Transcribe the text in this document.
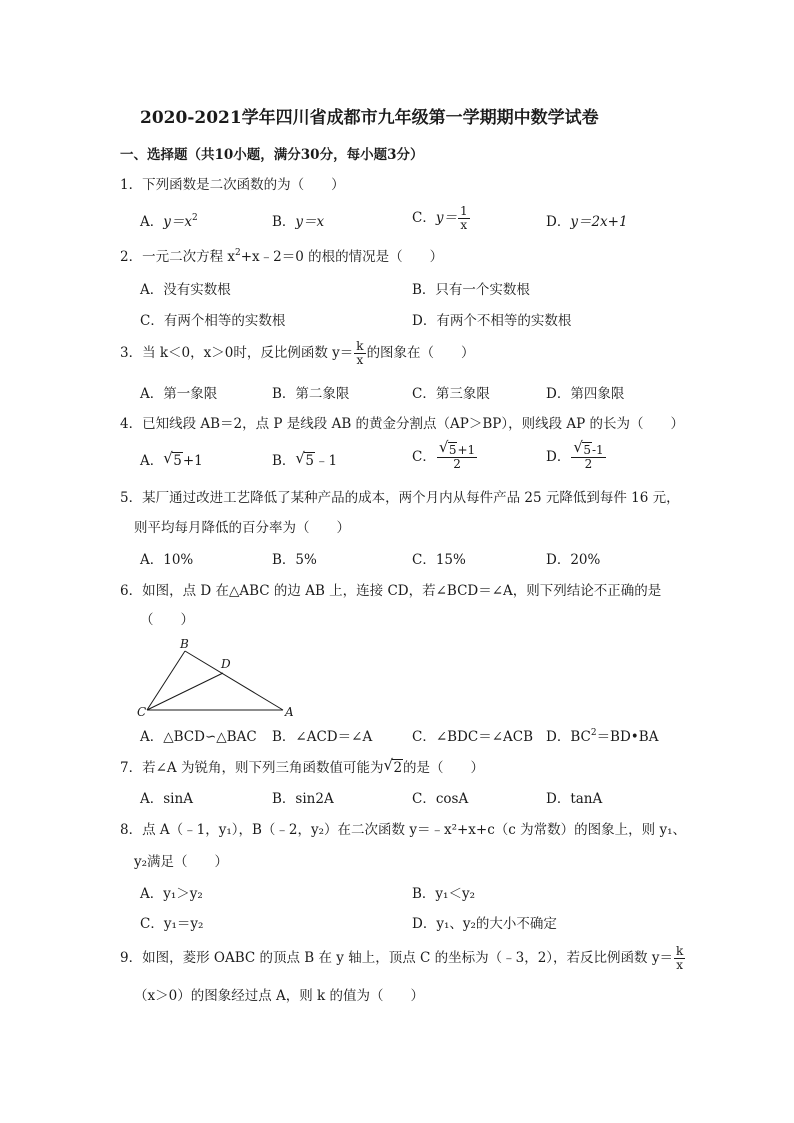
2020-2021学年四川省成都市九年级第一学期期中数学试卷
一、选择题（共10小题，满分30分，每小题3分）
1．下列函数是二次函数的为（　　）
A．$y=x^2$	B．y＝x	C．$y= \frac{1}{x}$	D．y＝2x+1
2．一元二次方程 $x^2+x﹣2=0$ 的根的情况是（　　）
A．没有实数根	B．只有一个实数根
C．有两个相等的实数根	D．有两个不相等的实数根
3．当 k＜0，x＞0时，反比例函数 $y= \frac{k}{x}$ 的图象在（　　）
A．第一象限	B．第二象限	C．第三象限	D．第四象限
4．已知线段 AB＝2，点 P 是线段 AB 的黄金分割点（AP＞BP），则线段 AP 的长为（　　）
A． √ 5+1	B． √ 5﹣1	C． $\frac{√ 5+1}{2}$	D． $\frac{√ 5-1}{2}$
5．某厂通过改进工艺降低了某种产品的成本，两个月内从每件产品 25 元降低到每件 16 元，
则平均每月降低的百分率为（　　）
A．10%	B．5%	C．15%	D．20%
6．如图，点 D 在△ABC 的边 AB 上，连接 CD，若∠BCD＝∠A，则下列结论不正确的是
（　　）
B
D
C	A
A．△BCD∽△BAC B．∠ACD＝∠A	C．∠BDC＝∠ACB D．$BC^2=BD•BA$
7．若∠A 为锐角，则下列三角函数值可能为 √ 2的是（　　）
A．sinA	B．sin2A	C．cosA	D．tanA
8．点 A（﹣1，y₁），B（﹣2，y₂）在二次函数 y＝﹣x²+x+c（c 为常数）的图象上，则 y₁、
y₂满足（　　）
A．y₁＞y₂	B．y₁＜y₂
C．y₁＝y₂	D．y₁、y₂的大小不确定
9．如图，菱形 OABC 的顶点 B 在 y 轴上，顶点 C 的坐标为（﹣3，2），若反比例函数 $y= \frac{k}{x}$
（x＞0）的图象经过点 A，则 k 的值为（　　）
